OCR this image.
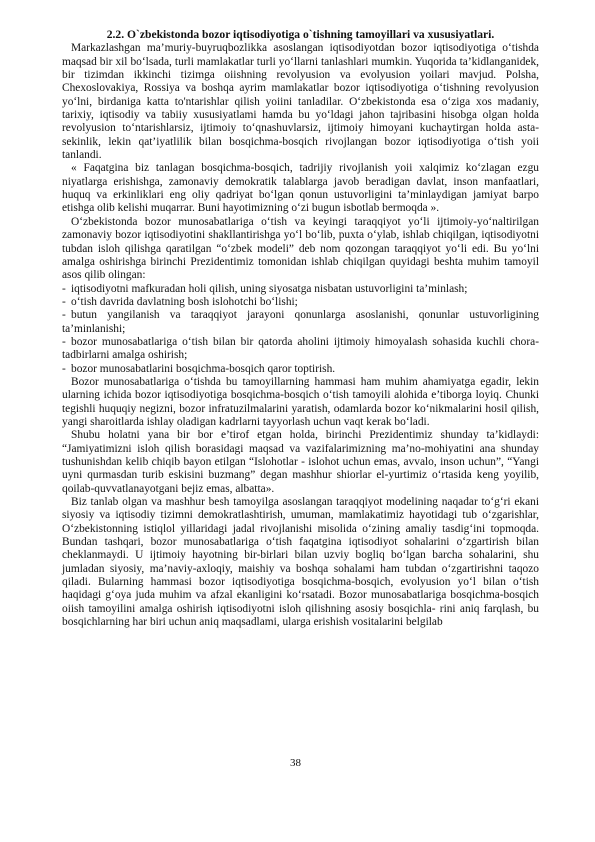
2.2. O`zbekistonda bozor iqtisodiyotiga o`tishning tamoyillari va xususiyatlari.

Markazlashgan ma’muriy-buyruqbozlikka asoslangan iqtisodiyotdan bozor iqtisodiyotiga o‘tishda maqsad bir xil bo‘lsada, turli mamlakatlar turli yo‘llarni tanlashlari mumkin. Yuqorida ta’kidlanganidek, bir tizimdan ikkinchi tizimga oiishning revolyusion va evolyusion yoilari mavjud. Polsha, Chexoslovakiya, Rossiya va boshqa ayrim mamlakatlar bozor iqtisodiyotiga o‘tishning revolyusion yo‘lni, birdaniga katta to'ntarishlar qilish yoiini tanladilar. O‘zbekistonda esa o‘ziga xos madaniy, tarixiy, iqtisodiy va tabiiy xususiyatlami hamda bu yo‘ldagi jahon tajribasini hisobga olgan holda revolyusion to‘ntarishlarsiz, ijtimoiy to‘qnashuvlarsiz, ijtimoiy himoyani kuchaytirgan holda asta-sekinlik, lekin qat’iyatlilik bilan bosqichma-bosqich rivojlangan bozor iqtisodiyotiga o‘tish yoii tanlandi.

« Faqatgina biz tanlagan bosqichma-bosqich, tadrijiy rivojlanish yoii xalqimiz ko‘zlagan ezgu niyatlarga erishishga, zamonaviy demokratik talablarga javob beradigan davlat, inson manfaatlari, huquq va erkinliklari eng oliy qadriyat bo‘lgan qonun ustuvorligini ta’minlaydigan jamiyat barpo etishga olib kelishi muqarrar. Buni hayotimizning o‘zi bugun isbotlab bermoqda ».

O‘zbekistonda bozor munosabatlariga o‘tish va keyingi taraqqiyot yo‘li ijtimoiy-yo‘naltirilgan zamonaviy bozor iqtisodiyotini shakllantirishga yo‘l bo‘lib, puxta o‘ylab, ishlab chiqilgan, iqtisodiyotni tubdan isloh qilishga qaratilgan “o‘zbek modeli” deb nom qozongan taraqqiyot yo‘li edi. Bu yo‘lni amalga oshirishga birinchi Prezidentimiz tomonidan ishlab chiqilgan quyidagi beshta muhim tamoyil asos qilib olingan:

- iqtisodiyotni mafkuradan holi qilish, uning siyosatga nisbatan ustuvorligini ta’minlash;
- o‘tish davrida davlatning bosh islohotchi bo‘lishi;
- butun yangilanish va taraqqiyot jarayoni qonunlarga asoslanishi, qonunlar ustuvorligining ta’minlanishi;
- bozor munosabatlariga o‘tish bilan bir qatorda aholini ijtimoiy himoyalash sohasida kuchli chora-tadbirlarni amalga oshirish;
- bozor munosabatlarini bosqichma-bosqich qaror toptirish.

Bozor munosabatlariga o‘tishda bu tamoyillarning hammasi ham muhim ahamiyatga egadir, lekin ularning ichida bozor iqtisodiyotiga bosqichma-bosqich o‘tish tamoyili alohida e’tiborga loyiq. Chunki tegishli huquqiy negizni, bozor infratuzilmalarini yaratish, odamlarda bozor ko‘nikmalarini hosil qilish, yangi sharoitlarda ishlay oladigan kadrlarni tayyorlash uchun vaqt kerak bo‘ladi.

Shubu holatni yana bir bor e’tirof etgan holda, birinchi Prezidentimiz shunday ta’kidlaydi: “Jamiyatimizni isloh qilish borasidagi maqsad va vazifalarimizning ma’no-mohiyatini ana shunday tushunishdan kelib chiqib bayon etilgan “Islohotlar - islohot uchun emas, avvalo, inson uchun”, “Yangi uyni qurmasdan turib eskisini buzmang” degan mashhur shiorlar el-yurtimiz o‘rtasida keng yoyilib, qoilab-quvvatlanayotgani bejiz emas, albatta».

Biz tanlab olgan va mashhur besh tamoyilga asoslangan taraqqiyot modelining naqadar to‘g‘ri ekani siyosiy va iqtisodiy tizimni demokratlashtirish, umuman, mamlakatimiz hayotidagi tub o‘zgarishlar, O‘zbekistonning istiqlol yillaridagi jadal rivojlanishi misolida o‘zining amaliy tasdig‘ini topmoqda. Bundan tashqari, bozor munosabatlariga o‘tish faqatgina iqtisodiyot sohalarini o‘zgartirish bilan cheklanmaydi. U ijtimoiy hayotning bir-birlari bilan uzviy bogliq bo‘lgan barcha sohalarini, shu jumladan siyosiy, ma’naviy-axloqiy, maishiy va boshqa sohalami ham tubdan o‘zgartirishni taqozo qiladi. Bularning hammasi bozor iqtisodiyotiga bosqichma-bosqich, evolyusion yo‘l bilan o‘tish haqidagi g‘oya juda muhim va afzal ekanligini ko‘rsatadi. Bozor munosabatlariga bosqichma-bosqich oiish tamoyilini amalga oshirish iqtisodiyotni isloh qilishning asosiy bosqichla- rini aniq farqlash, bu bosqichlarning har biri uchun aniq maqsadlami, ularga erishish vositalarini belgilab

38
